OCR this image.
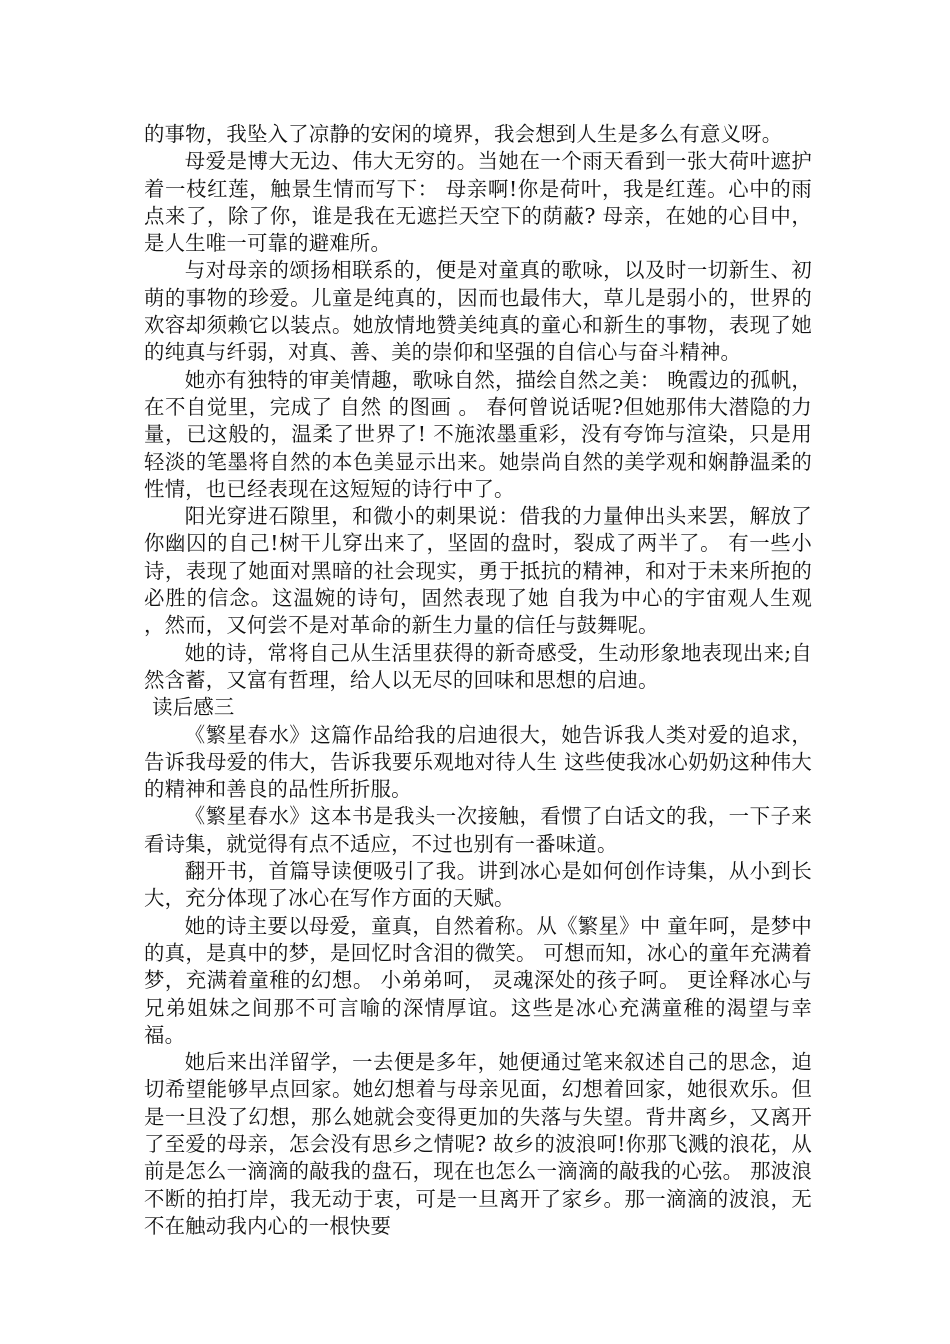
的事物，我坠入了凉静的安闲的境界，我会想到人生是多么有意义呀。

母爱是博大无边、伟大无穷的。当她在一个雨天看到一张大荷叶遮护着一枝红莲，触景生情而写下： 母亲啊!你是荷叶，我是红莲。心中的雨点来了，除了你，谁是我在无遮拦天空下的荫蔽? 母亲，在她的心目中，是人生唯一可靠的避难所。

与对母亲的颂扬相联系的，便是对童真的歌咏，以及时一切新生、初萌的事物的珍爱。儿童是纯真的，因而也最伟大，草儿是弱小的，世界的欢容却须赖它以装点。她放情地赞美纯真的童心和新生的事物，表现了她的纯真与纤弱，对真、善、美的崇仰和坚强的自信心与奋斗精神。

她亦有独特的审美情趣，歌咏自然，描绘自然之美： 晚霞边的孤帆，在不自觉里，完成了 自然 的图画 。 春何曾说话呢?但她那伟大潜隐的力量，已这般的，温柔了世界了! 不施浓墨重彩，没有夸饰与渲染，只是用轻淡的笔墨将自然的本色美显示出来。她崇尚自然的美学观和娴静温柔的性情，也已经表现在这短短的诗行中了。

阳光穿进石隙里，和微小的刺果说：借我的力量伸出头来罢，解放了你幽囚的自己!树干儿穿出来了，坚固的盘时，裂成了两半了。 有一些小诗，表现了她面对黑暗的社会现实，勇于抵抗的精神，和对于未来所抱的必胜的信念。这温婉的诗句，固然表现了她 自我为中心的宇宙观人生观 ，然而，又何尝不是对革命的新生力量的信任与鼓舞呢。

她的诗，常将自己从生活里获得的新奇感受，生动形象地表现出来;自然含蓄，又富有哲理，给人以无尽的回味和思想的启迪。

读后感三

《繁星春水》这篇作品给我的启迪很大，她告诉我人类对爱的追求，告诉我母爱的伟大，告诉我要乐观地对待人生 这些使我冰心奶奶这种伟大的精神和善良的品性所折服。

《繁星春水》这本书是我头一次接触，看惯了白话文的我，一下子来看诗集，就觉得有点不适应，不过也别有一番味道。

翻开书，首篇导读便吸引了我。讲到冰心是如何创作诗集，从小到长大，充分体现了冰心在写作方面的天赋。

她的诗主要以母爱，童真，自然着称。从《繁星》中 童年呵，是梦中的真，是真中的梦，是回忆时含泪的微笑。 可想而知，冰心的童年充满着梦，充满着童稚的幻想。 小弟弟呵， 灵魂深处的孩子呵。 更诠释冰心与兄弟姐妹之间那不可言喻的深情厚谊。这些是冰心充满童稚的渴望与幸福。

她后来出洋留学，一去便是多年，她便通过笔来叙述自己的思念，迫切希望能够早点回家。她幻想着与母亲见面，幻想着回家，她很欢乐。但是一旦没了幻想，那么她就会变得更加的失落与失望。背井离乡，又离开了至爱的母亲，怎会没有思乡之情呢? 故乡的波浪呵!你那飞溅的浪花，从前是怎么一滴滴的敲我的盘石，现在也怎么一滴滴的敲我的心弦。 那波浪不断的拍打岸，我无动于衷，可是一旦离开了家乡。那一滴滴的波浪，无不在触动我内心的一根快要
